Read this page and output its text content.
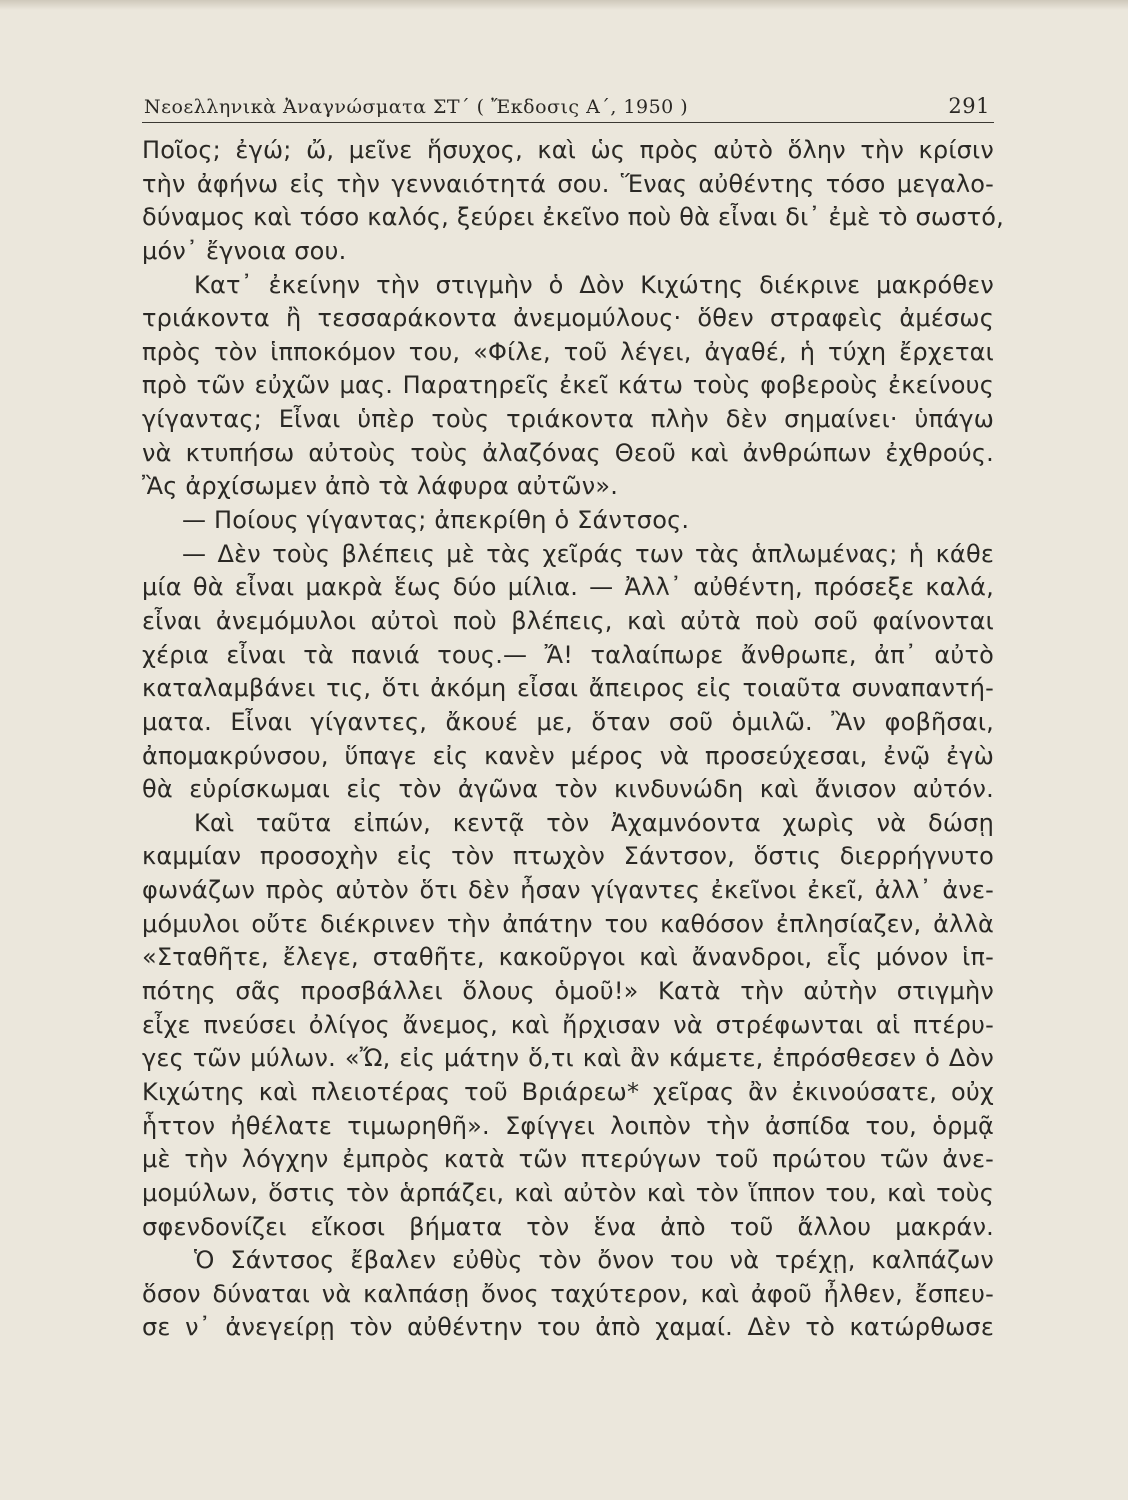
Νεοελληνικὰ Ἀναγνώσματα ΣΤ΄ ( Ἔκδοσις Α΄, 1950 )	291
Ποῖος; ἐγώ; ὤ, μεῖνε ἥσυχος, καὶ ὡς πρὸς αὐτὸ ὅλην τὴν κρίσιν
τὴν ἀφήνω εἰς τὴν γενναιότητά σου. Ἕνας αὐθέντης τόσο μεγαλο-
δύναμος καὶ τόσο καλός, ξεύρει ἐκεῖνο ποὺ θὰ εἶναι δι᾿ ἐμὲ τὸ σωστό,
μόν᾿ ἔγνοια σου.
Κατ᾿ ἐκείνην τὴν στιγμὴν ὁ Δὸν Κιχώτης διέκρινε μακρόθεν
τριάκοντα ἢ τεσσαράκοντα ἀνεμομύλους· ὅθεν στραφεὶς ἀμέσως
πρὸς τὸν ἱπποκόμον του, «Φίλε, τοῦ λέγει, ἀγαθέ, ἡ τύχη ἔρχεται
πρὸ τῶν εὐχῶν μας. Παρατηρεῖς ἐκεῖ κάτω τοὺς φοβεροὺς ἐκείνους
γίγαντας; Εἶναι ὑπὲρ τοὺς τριάκοντα πλὴν δὲν σημαίνει· ὑπάγω
νὰ κτυπήσω αὐτοὺς τοὺς ἀλαζόνας Θεοῦ καὶ ἀνθρώπων ἐχθρούς.
Ἂς ἀρχίσωμεν ἀπὸ τὰ λάφυρα αὐτῶν».
— Ποίους γίγαντας; ἀπεκρίθη ὁ Σάντσος.
— Δὲν τοὺς βλέπεις μὲ τὰς χεῖράς των τὰς ἁπλωμένας; ἡ κάθε
μία θὰ εἶναι μακρὰ ἕως δύο μίλια. — Ἀλλ᾿ αὐθέντη, πρόσεξε καλά,
εἶναι ἀνεμόμυλοι αὐτοὶ ποὺ βλέπεις, καὶ αὐτὰ ποὺ σοῦ φαίνονται
χέρια εἶναι τὰ πανιά τους.— Ἄ! ταλαίπωρε ἄνθρωπε, ἀπ᾿ αὐτὸ
καταλαμβάνει τις, ὅτι ἀκόμη εἶσαι ἄπειρος εἰς τοιαῦτα συναπαντή-
ματα. Εἶναι γίγαντες, ἄκουέ με, ὅταν σοῦ ὁμιλῶ. Ἂν φοβῆσαι,
ἀπομακρύνσου, ὕπαγε εἰς κανὲν μέρος νὰ προσεύχεσαι, ἐνῷ ἐγὼ
θὰ εὑρίσκωμαι εἰς τὸν ἀγῶνα τὸν κινδυνώδη καὶ ἄνισον αὐτόν.
Καὶ ταῦτα εἰπών, κεντᾷ τὸν Ἀχαμνόοντα χωρὶς νὰ δώσῃ
καμμίαν προσοχὴν εἰς τὸν πτωχὸν Σάντσον, ὅστις διερρήγνυτο
φωνάζων πρὸς αὐτὸν ὅτι δὲν ἦσαν γίγαντες ἐκεῖνοι ἐκεῖ, ἀλλ᾿ ἀνε-
μόμυλοι οὔτε διέκρινεν τὴν ἀπάτην του καθόσον ἐπλησίαζεν, ἀλλὰ
«Σταθῆτε, ἔλεγε, σταθῆτε, κακοῦργοι καὶ ἄνανδροι, εἷς μόνον ἱπ-
πότης σᾶς προσβάλλει ὅλους ὁμοῦ!» Κατὰ τὴν αὐτὴν στιγμὴν
εἶχε πνεύσει ὀλίγος ἄνεμος, καὶ ἤρχισαν νὰ στρέφωνται αἱ πτέρυ-
γες τῶν μύλων. «Ὤ, εἰς μάτην ὅ,τι καὶ ἂν κάμετε, ἐπρόσθεσεν ὁ Δὸν
Κιχώτης καὶ πλειοτέρας τοῦ Βριάρεω* χεῖρας ἂν ἐκινούσατε, οὐχ
ἧττον ἠθέλατε τιμωρηθῆ». Σφίγγει λοιπὸν τὴν ἀσπίδα του, ὁρμᾷ
μὲ τὴν λόγχην ἐμπρὸς κατὰ τῶν πτερύγων τοῦ πρώτου τῶν ἀνε-
μομύλων, ὅστις τὸν ἁρπάζει, καὶ αὐτὸν καὶ τὸν ἵππον του, καὶ τοὺς
σφενδονίζει εἴκοσι βήματα τὸν ἕνα ἀπὸ τοῦ ἄλλου μακράν.
Ὁ Σάντσος ἔβαλεν εὐθὺς τὸν ὄνον του νὰ τρέχῃ, καλπάζων
ὅσον δύναται νὰ καλπάσῃ ὄνος ταχύτερον, καὶ ἀφοῦ ἦλθεν, ἔσπευ-
σε ν᾿ ἀνεγείρῃ τὸν αὐθέντην του ἀπὸ χαμαί. Δὲν τὸ κατώρθωσε
